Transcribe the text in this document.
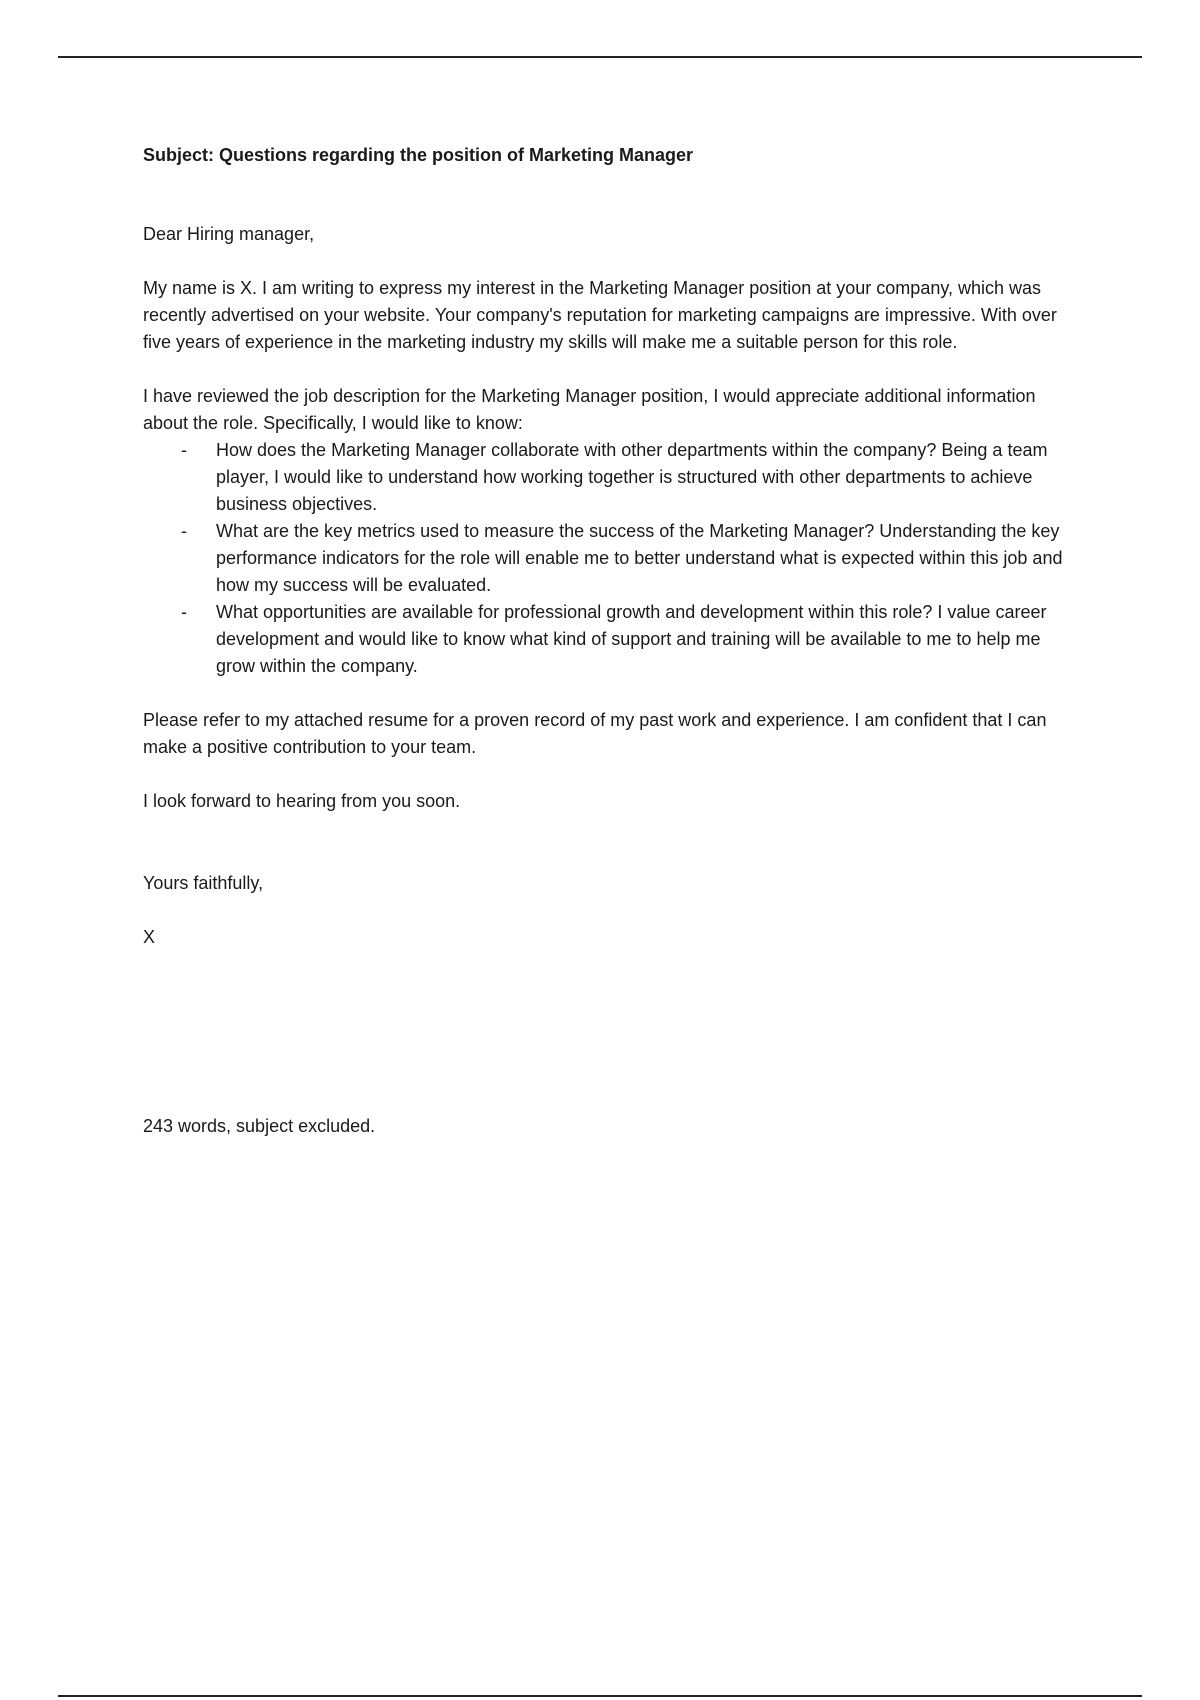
Subject: Questions regarding the position of Marketing Manager

Dear Hiring manager,

My name is X. I am writing to express my interest in the Marketing Manager position at your company, which was recently advertised on your website. Your company's reputation for marketing campaigns are impressive. With over five years of experience in the marketing industry my skills will make me a suitable person for this role.

I have reviewed the job description for the Marketing Manager position, I would appreciate additional information about the role. Specifically, I would like to know:

- How does the Marketing Manager collaborate with other departments within the company? Being a team player, I would like to understand how working together is structured with other departments to achieve business objectives.
- What are the key metrics used to measure the success of the Marketing Manager? Understanding the key performance indicators for the role will enable me to better understand what is expected within this job and how my success will be evaluated.
- What opportunities are available for professional growth and development within this role? I value career development and would like to know what kind of support and training will be available to me to help me grow within the company.

Please refer to my attached resume for a proven record of my past work and experience. I am confident that I can make a positive contribution to your team.

I look forward to hearing from you soon.

Yours faithfully,

X

243 words, subject excluded.
